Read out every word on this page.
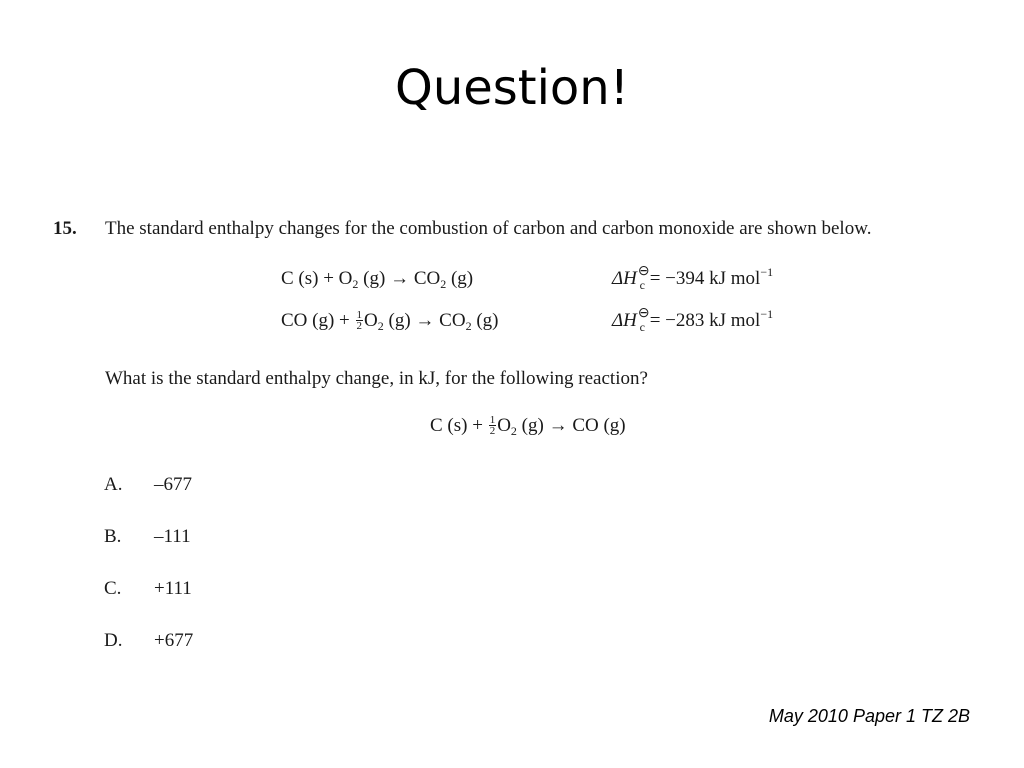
Question!
15. The standard enthalpy changes for the combustion of carbon and carbon monoxide are shown below.
C $(s) + O_2$ $(g) \to CO_2$ (g)	$\Delta H^⊖_c = -394$ kJ mol$^{-1}$
CO $(g) + \frac{1}{2} O_2$ $(g) \to CO_2$ (g)	$\Delta H^⊖_c = -283$ kJ mol$^{-1}$
What is the standard enthalpy change, in kJ, for the following reaction?
C $(s) + \frac{1}{2} O_2$ (g) → CO (g)
A. –677
B. –111
C. +111
D. +677
May 2010 Paper 1 TZ 2B
